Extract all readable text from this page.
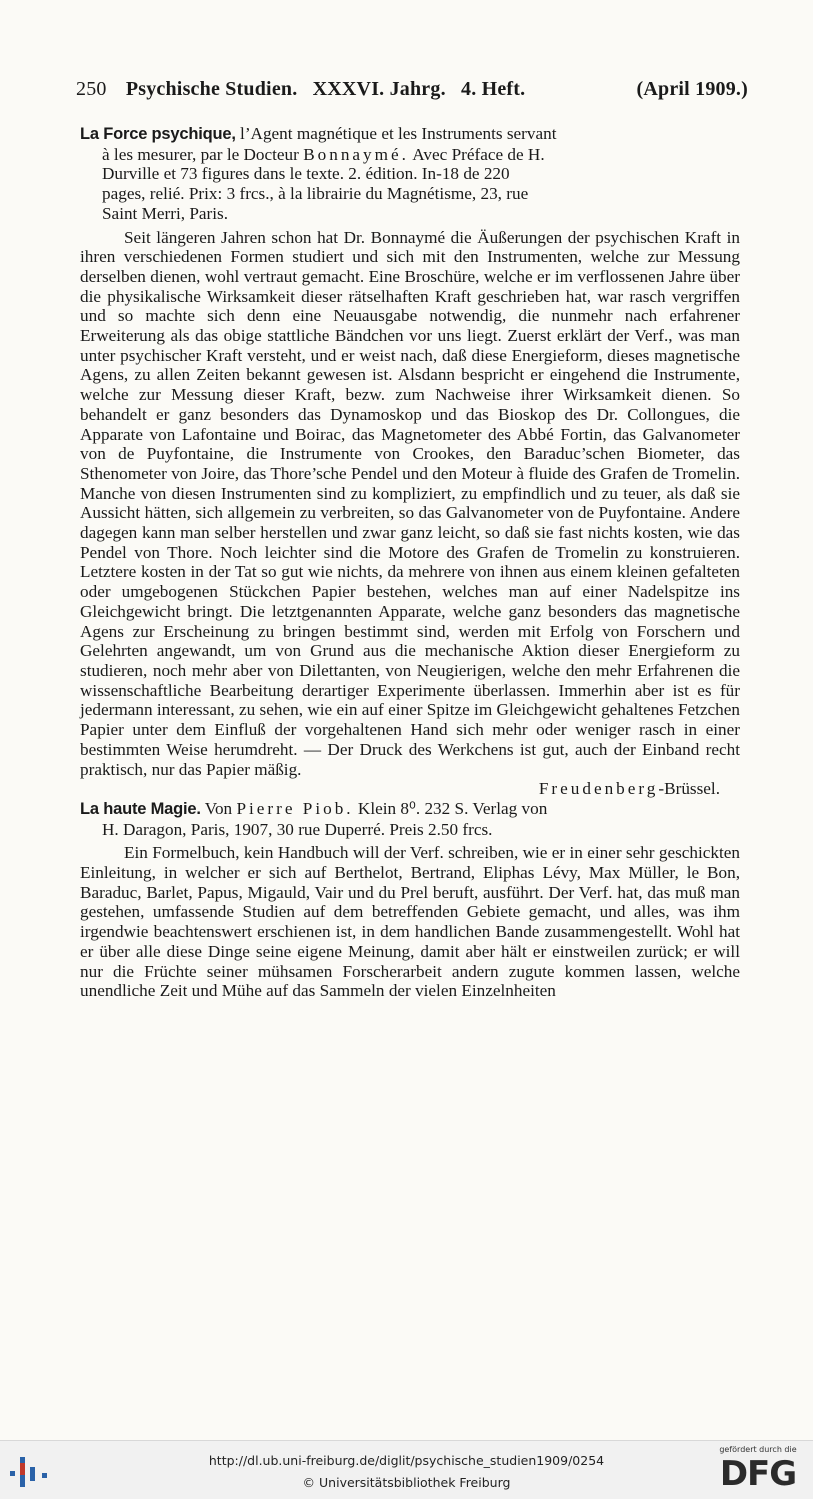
250 Psychische Studien. XXXVI. Jahrg. 4. Heft.	(April 1909.)

La Force psychique, l’Agent magnétique et les Instruments servant

à les mesurer, par le Docteur Bonnaymé. Avec Préface de H.

Durville et 73 figures dans le texte. 2. édition. In-18 de 220

pages, relié. Prix: 3 frcs., à la librairie du Magnétisme, 23, rue

Saint Merri, Paris.

Seit längeren Jahren schon hat Dr. Bonnaymé die Äußerungen der psychischen Kraft in ihren verschiedenen Formen studiert und sich mit den Instrumenten, welche zur Messung derselben dienen, wohl vertraut gemacht. Eine Broschüre, welche er im verflossenen Jahre über die physikalische Wirksamkeit dieser rätselhaften Kraft geschrieben hat, war rasch vergriffen und so machte sich denn eine Neuausgabe notwendig, die nunmehr nach erfahrener Erweiterung als das obige stattliche Bändchen vor uns liegt. Zuerst erklärt der Verf., was man unter psychischer Kraft versteht, und er weist nach, daß diese Energieform, dieses magnetische Agens, zu allen Zeiten bekannt gewesen ist. Alsdann bespricht er eingehend die Instrumente, welche zur Messung dieser Kraft, bezw. zum Nachweise ihrer Wirksamkeit dienen. So behandelt er ganz besonders das Dynamoskop und das Bioskop des Dr. Collongues, die Apparate von Lafontaine und Boirac, das Magnetometer des Abbé Fortin, das Galvanometer von de Puyfontaine, die Instrumente von Crookes, den Baraduc’schen Biometer, das Sthenometer von Joire, das Thore’sche Pendel und den Moteur à fluide des Grafen de Tromelin. Manche von diesen Instrumenten sind zu kompliziert, zu empfindlich und zu teuer, als daß sie Aussicht hätten, sich allgemein zu verbreiten, so das Galvanometer von de Puyfontaine. Andere dagegen kann man selber herstellen und zwar ganz leicht, so daß sie fast nichts kosten, wie das Pendel von Thore. Noch leichter sind die Motore des Grafen de Tromelin zu konstruieren. Letztere kosten in der Tat so gut wie nichts, da mehrere von ihnen aus einem kleinen gefalteten oder umgebogenen Stückchen Papier bestehen, welches man auf einer Nadelspitze ins Gleichgewicht bringt. Die letztgenannten Apparate, welche ganz besonders das magnetische Agens zur Erscheinung zu bringen bestimmt sind, werden mit Erfolg von Forschern und Gelehrten angewandt, um von Grund aus die mechanische Aktion dieser Energieform zu studieren, noch mehr aber von Dilettanten, von Neugierigen, welche den mehr Erfahrenen die wissenschaftliche Bearbeitung derartiger Experimente überlassen. Immerhin aber ist es für jedermann interessant, zu sehen, wie ein auf einer Spitze im Gleichgewicht gehaltenes Fetzchen Papier unter dem Einfluß der vorgehaltenen Hand sich mehr oder weniger rasch in einer bestimmten Weise herumdreht. — Der Druck des Werkchens ist gut, auch der Einband recht praktisch, nur das Papier mäßig.

Freudenberg-Brüssel.

La haute Magie. Von Pierre Piob. Klein 8⁰. 232 S. Verlag von

H. Daragon, Paris, 1907, 30 rue Duperré. Preis 2.50 frcs.

Ein Formelbuch, kein Handbuch will der Verf. schreiben, wie er in einer sehr geschickten Einleitung, in welcher er sich auf Berthelot, Bertrand, Eliphas Lévy, Max Müller, le Bon, Baraduc, Barlet, Papus, Migauld, Vair und du Prel beruft, ausführt. Der Verf. hat, das muß man gestehen, umfassende Studien auf dem betreffenden Gebiete gemacht, und alles, was ihm irgendwie beachtenswert erschienen ist, in dem handlichen Bande zusammengestellt. Wohl hat er über alle diese Dinge seine eigene Meinung, damit aber hält er einstweilen zurück; er will nur die Früchte seiner mühsamen Forscherarbeit andern zugute kommen lassen, welche unendliche Zeit und Mühe auf das Sammeln der vielen Einzelnheiten

http://dl.ub.uni-freiburg.de/diglit/psychische_studien1909/0254
© Universitätsbibliothek Freiburg
gefördert durch die
DFG
